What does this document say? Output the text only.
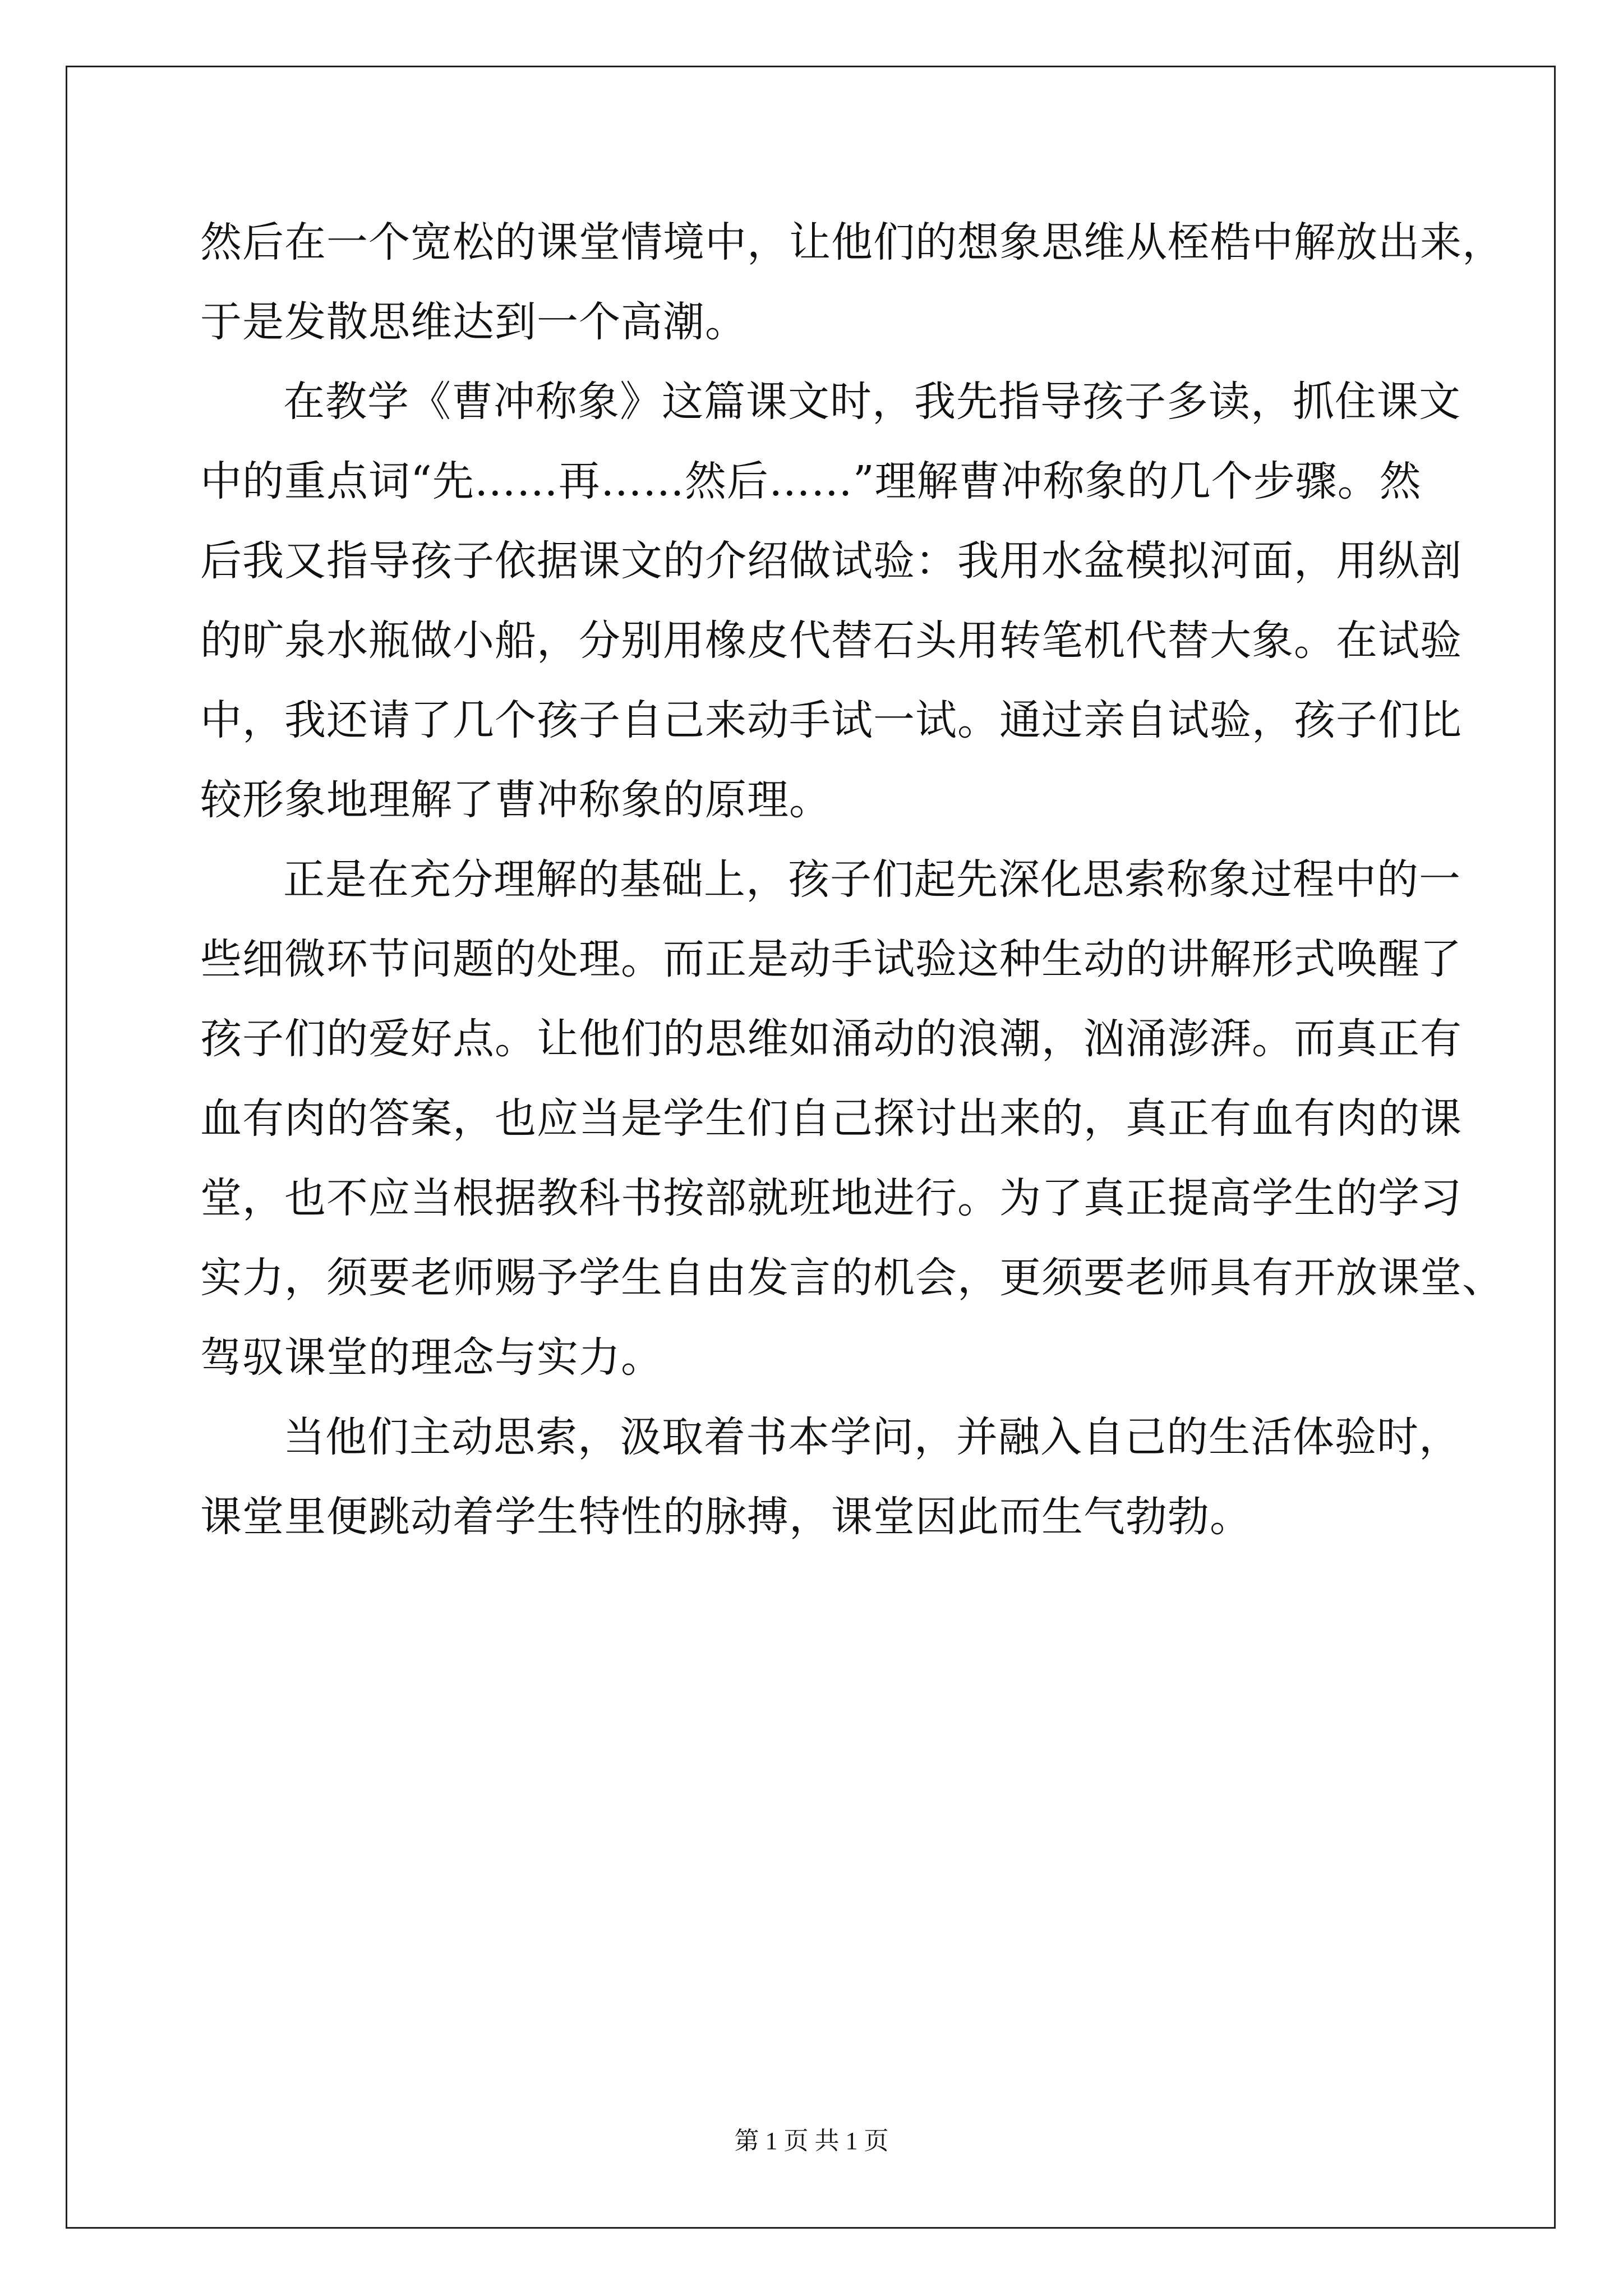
然后在一个宽松的课堂情境中，让他们的想象思维从桎梏中解放出来，
于是发散思维达到一个高潮。
在教学《曹冲称象》这篇课文时，我先指导孩子多读，抓住课文
中的重点词“先……再……然后……”理解曹冲称象的几个步骤。然
后我又指导孩子依据课文的介绍做试验：我用水盆模拟河面，用纵剖
的旷泉水瓶做小船，分别用橡皮代替石头用转笔机代替大象。在试验
中，我还请了几个孩子自己来动手试一试。通过亲自试验，孩子们比
较形象地理解了曹冲称象的原理。
正是在充分理解的基础上，孩子们起先深化思索称象过程中的一
些细微环节问题的处理。而正是动手试验这种生动的讲解形式唤醒了
孩子们的爱好点。让他们的思维如涌动的浪潮，汹涌澎湃。而真正有
血有肉的答案，也应当是学生们自己探讨出来的，真正有血有肉的课
堂，也不应当根据教科书按部就班地进行。为了真正提高学生的学习
实力，须要老师赐予学生自由发言的机会，更须要老师具有开放课堂、
驾驭课堂的理念与实力。
当他们主动思索，汲取着书本学问，并融入自己的生活体验时，
课堂里便跳动着学生特性的脉搏，课堂因此而生气勃勃。
第 1 页 共 1 页
